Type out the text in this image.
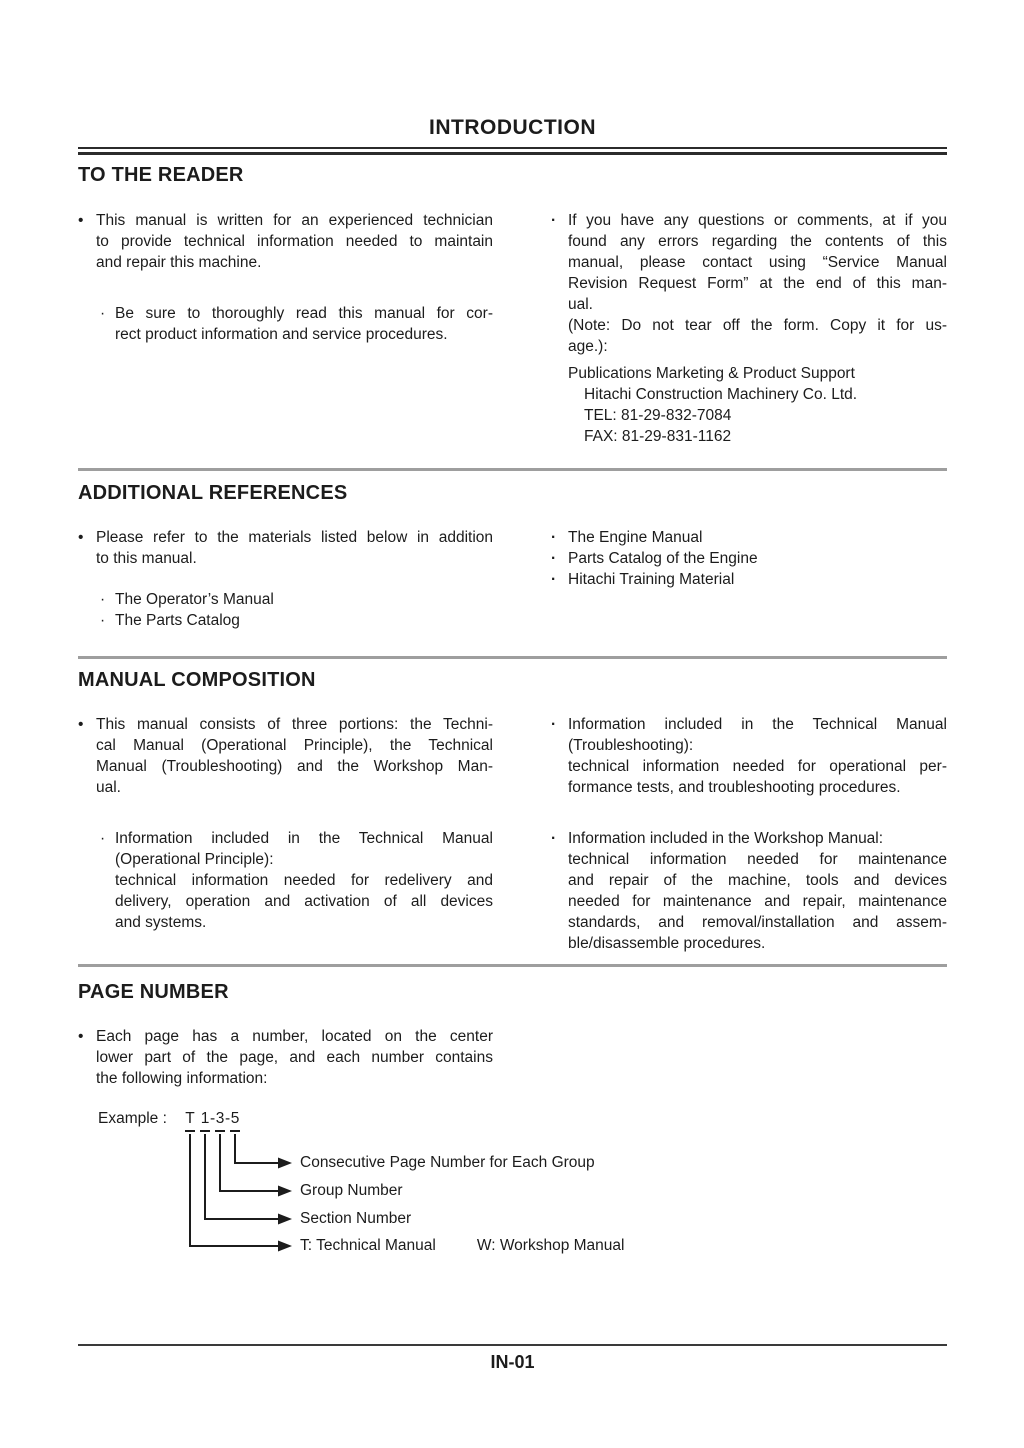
INTRODUCTION
TO THE READER
• This manual is written for an experienced technician
to provide technical information needed to maintain
and repair this machine.
· Be sure to thoroughly read this manual for cor-
rect product information and service procedures.
· If you have any questions or comments, at if you
found any errors regarding the contents of this
manual, please contact using “Service Manual
Revision Request Form” at the end of this man-
ual.
(Note: Do not tear off the form. Copy it for us-
age.):
Publications Marketing & Product Support
Hitachi Construction Machinery Co. Ltd.
TEL: 81-29-832-7084
FAX: 81-29-831-1162
ADDITIONAL REFERENCES
• Please refer to the materials listed below in addition
to this manual.
· The Operator’s Manual
· The Parts Catalog
· The Engine Manual
· Parts Catalog of the Engine
· Hitachi Training Material
MANUAL COMPOSITION
• This manual consists of three portions: the Techni-
cal Manual (Operational Principle), the Technical
Manual (Troubleshooting) and the Workshop Man-
ual.
· Information included in the Technical Manual
(Operational Principle):
technical information needed for redelivery and
delivery, operation and activation of all devices
and systems.
· Information included in the Technical Manual
(Troubleshooting):
technical information needed for operational per-
formance tests, and troubleshooting procedures.
· Information included in the Workshop Manual:
technical information needed for maintenance
and repair of the machine, tools and devices
needed for maintenance and repair, maintenance
standards, and removal/installation and assem-
ble/disassemble procedures.
PAGE NUMBER
• Each page has a number, located on the center
lower part of the page, and each number contains
the following information:
Example : T 1-3-5
Consecutive Page Number for Each Group
Group Number
Section Number
T: Technical Manual	W: Workshop Manual
IN-01
